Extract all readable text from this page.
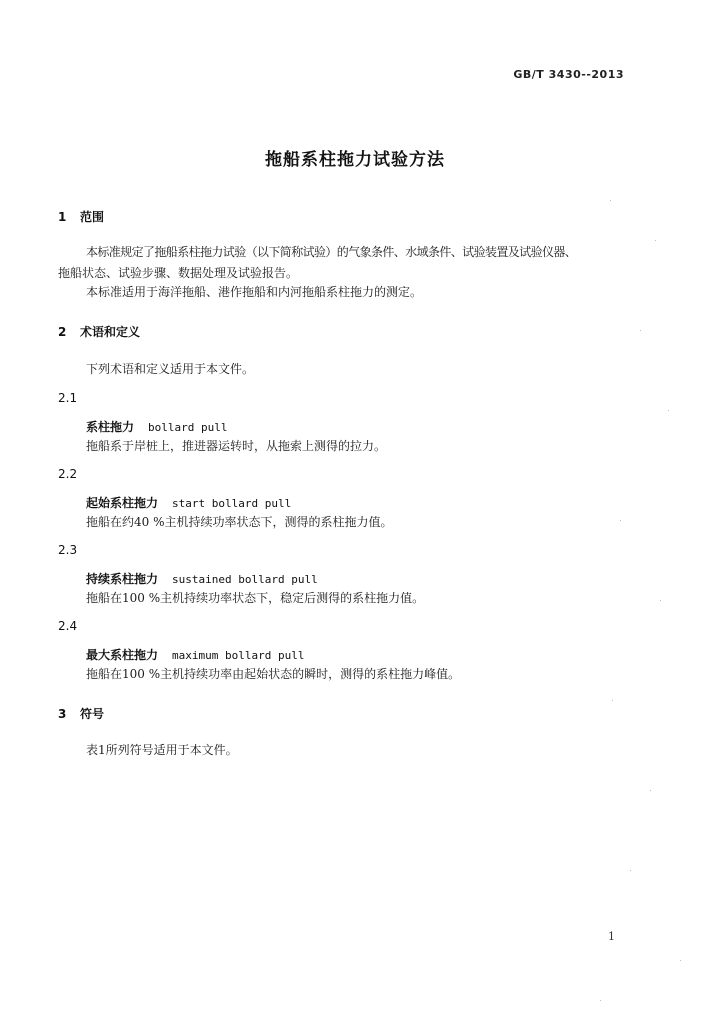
GB/T 3430--2013
拖船系柱拖力试验方法
1 范围
本标准规定了拖船系柱拖力试验（以下简称试验）的气象条件、水域条件、试验装置及试验仪器、
拖船状态、试验步骤、数据处理及试验报告。
本标准适用于海洋拖船、港作拖船和内河拖船系柱拖力的测定。
2 术语和定义
下列术语和定义适用于本文件。
2.1
系柱拖力 bollard pull
拖船系于岸桩上，推进器运转时，从拖索上测得的拉力。
2.2
起始系柱拖力 start bollard pull
拖船在约40 %主机持续功率状态下，测得的系柱拖力值。
2.3
持续系柱拖力 sustained bollard pull
拖船在100 %主机持续功率状态下，稳定后测得的系柱拖力值。
2.4
最大系柱拖力 maximum bollard pull
拖船在100 %主机持续功率由起始状态的瞬时，测得的系柱拖力峰值。
3 符号
表1所列符号适用于本文件。
1
